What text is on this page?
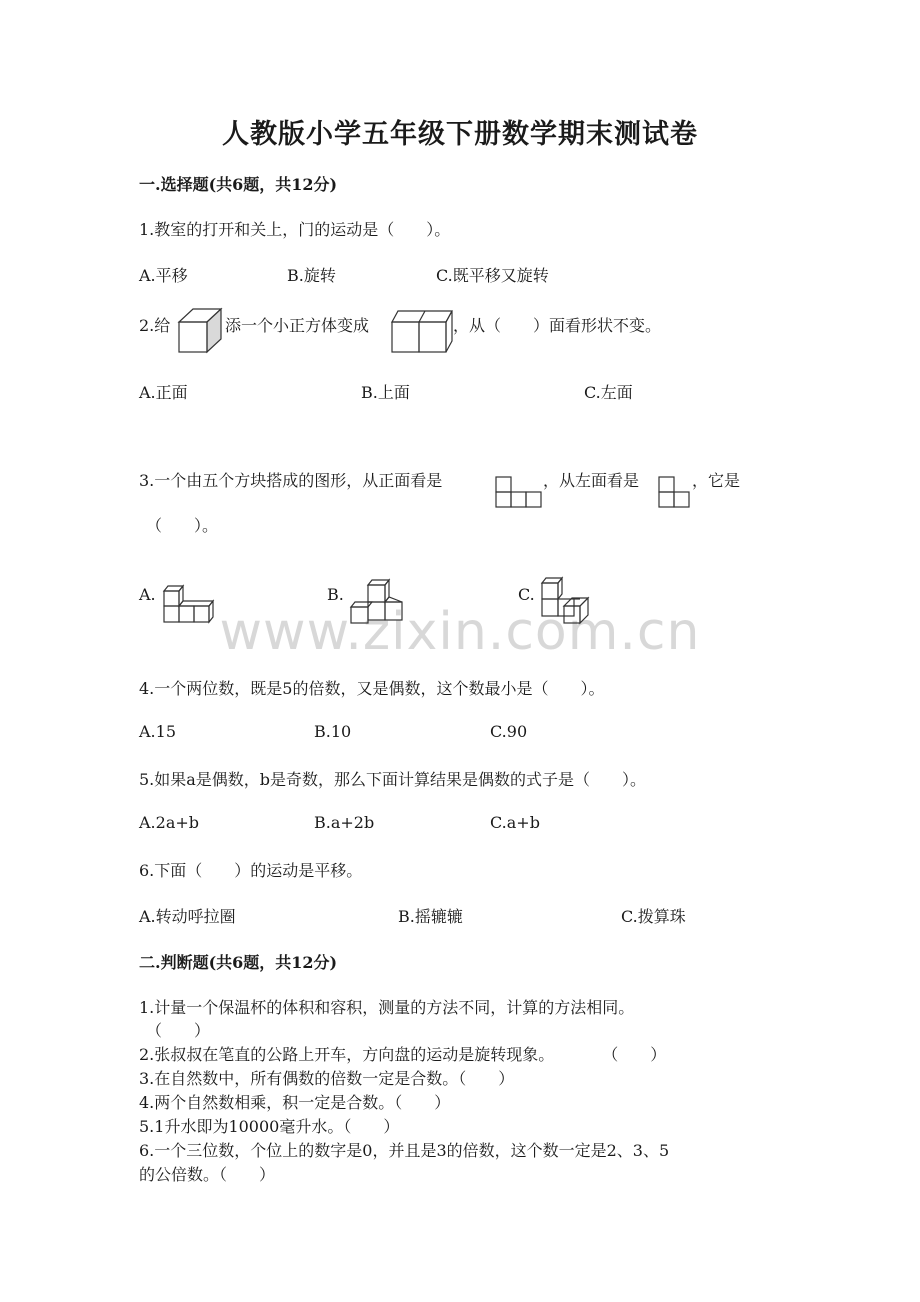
人教版小学五年级下册数学期末测试卷
www.zixin.com.cn
一.选择题(共6题，共12分)
1.教室的打开和关上，门的运动是（　　）。
A.平移	B.旋转	C.既平移又旋转
2.给	添一个小正方体变成	，从（　　）面看形状不变。
A.正面	B.上面	C.左面
3.一个由五个方块搭成的图形，从正面看是	，从左面看是	，它是
（　　）。
A.	B.	C.
4.一个两位数，既是5的倍数，又是偶数，这个数最小是（　　）。
A.15	B.10	C.90
5.如果a是偶数，b是奇数，那么下面计算结果是偶数的式子是（　　）。
A.2a+b	B.a+2b	C.a+b
6.下面（　　）的运动是平移。
A.转动呼拉圈	B.摇辘辘	C.拨算珠
二.判断题(共6题，共12分)
1.计量一个保温杯的体积和容积，测量的方法不同，计算的方法相同。
（　　）
2.张叔叔在笔直的公路上开车，方向盘的运动是旋转现象。　　　　（　　）
3.在自然数中，所有偶数的倍数一定是合数。（　　）
4.两个自然数相乘，积一定是合数。（　　）
5.1升水即为10000毫升水。（　　）
6.一个三位数，个位上的数字是0，并且是3的倍数，这个数一定是2、3、5
的公倍数。（　　）
